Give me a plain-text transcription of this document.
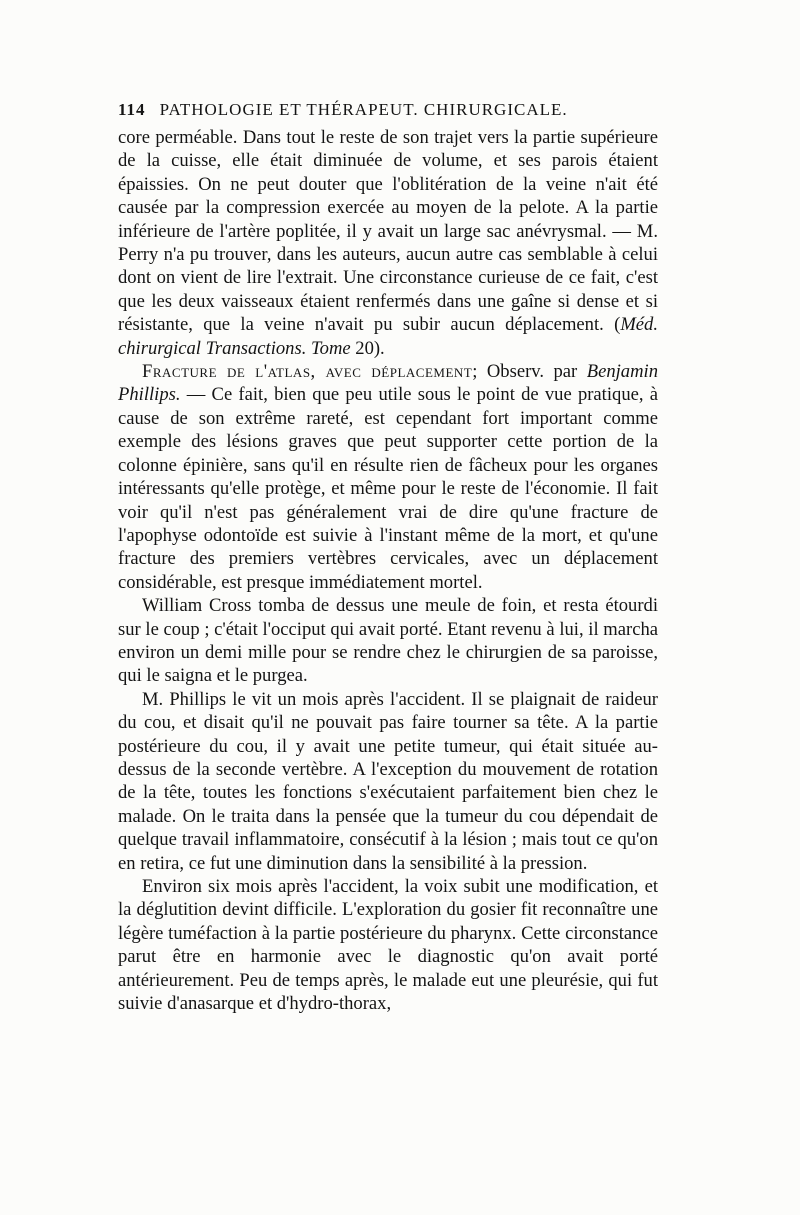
114 PATHOLOGIE ET THÉRAPEUT. CHIRURGICALE.

core perméable. Dans tout le reste de son trajet vers la partie supérieure de la cuisse, elle était diminuée de volume, et ses parois étaient épaissies. On ne peut douter que l'oblitération de la veine n'ait été causée par la compression exercée au moyen de la pelote. A la partie inférieure de l'artère poplitée, il y avait un large sac anévrysmal. — M. Perry n'a pu trouver, dans les auteurs, aucun autre cas semblable à celui dont on vient de lire l'extrait. Une circonstance curieuse de ce fait, c'est que les deux vaisseaux étaient renfermés dans une gaîne si dense et si résistante, que la veine n'avait pu subir aucun déplacement. (Méd. chirurgical Transactions. Tome 20).

Fracture de l'atlas, avec déplacement; Observ. par Benjamin Phillips. — Ce fait, bien que peu utile sous le point de vue pratique, à cause de son extrême rareté, est cependant fort important comme exemple des lésions graves que peut supporter cette portion de la colonne épinière, sans qu'il en résulte rien de fâcheux pour les organes intéressants qu'elle protège, et même pour le reste de l'économie. Il fait voir qu'il n'est pas généralement vrai de dire qu'une fracture de l'apophyse odontoïde est suivie à l'instant même de la mort, et qu'une fracture des premiers vertèbres cervicales, avec un déplacement considérable, est presque immédiatement mortel.

William Cross tomba de dessus une meule de foin, et resta étourdi sur le coup ; c'était l'occiput qui avait porté. Etant revenu à lui, il marcha environ un demi mille pour se rendre chez le chirurgien de sa paroisse, qui le saigna et le purgea.

M. Phillips le vit un mois après l'accident. Il se plaignait de raideur du cou, et disait qu'il ne pouvait pas faire tourner sa tête. A la partie postérieure du cou, il y avait une petite tumeur, qui était située au-dessus de la seconde vertèbre. A l'exception du mouvement de rotation de la tête, toutes les fonctions s'exécutaient parfaitement bien chez le malade. On le traita dans la pensée que la tumeur du cou dépendait de quelque travail inflammatoire, consécutif à la lésion ; mais tout ce qu'on en retira, ce fut une diminution dans la sensibilité à la pression.

Environ six mois après l'accident, la voix subit une modification, et la déglutition devint difficile. L'exploration du gosier fit reconnaître une légère tuméfaction à la partie postérieure du pharynx. Cette circonstance parut être en harmonie avec le diagnostic qu'on avait porté antérieurement. Peu de temps après, le malade eut une pleurésie, qui fut suivie d'anasarque et d'hydro-thorax,
